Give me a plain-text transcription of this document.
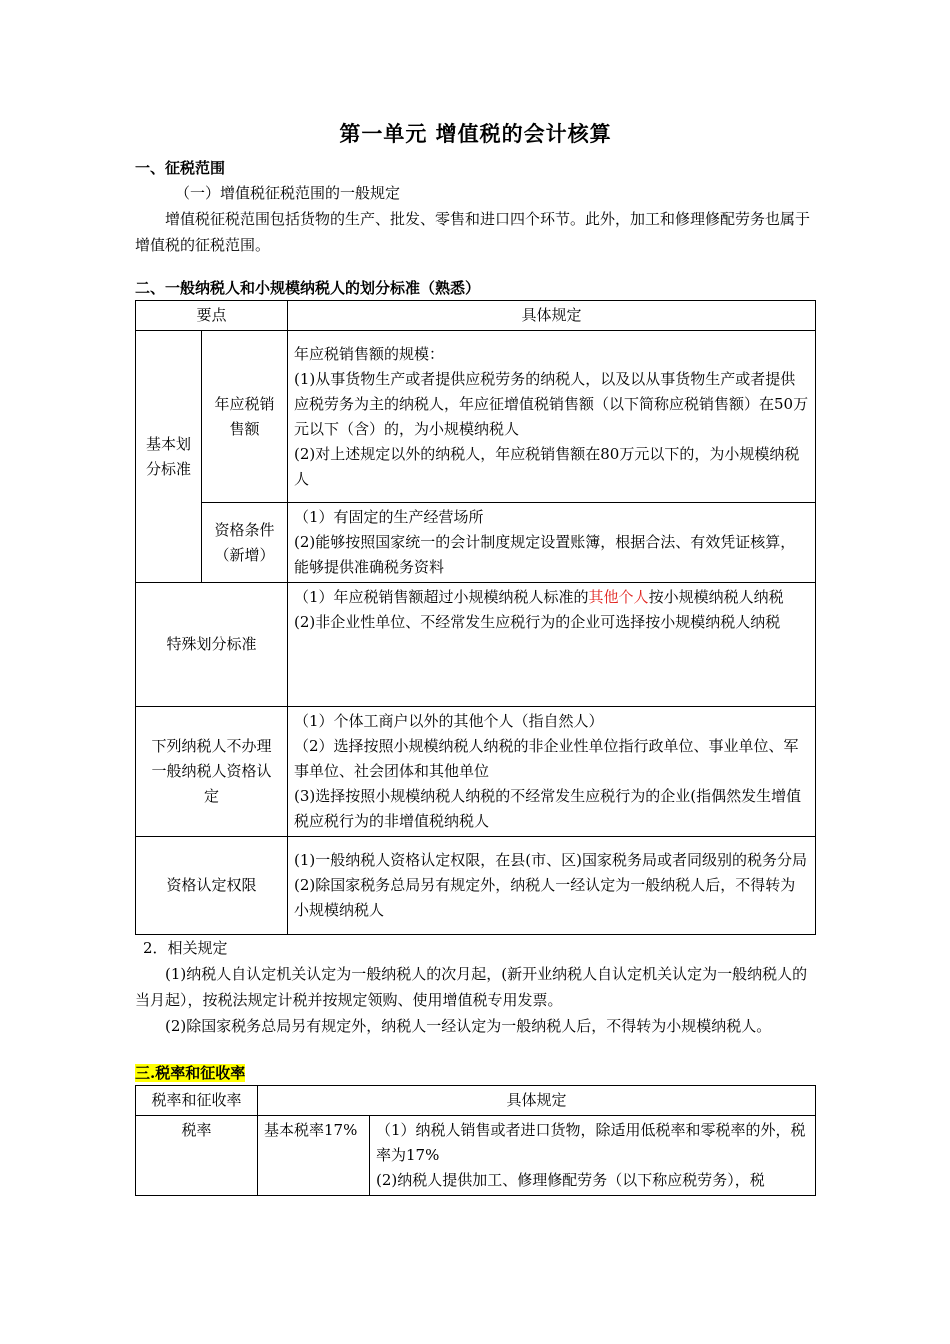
第一单元 增值税的会计核算
一、征税范围
（一）增值税征税范围的一般规定
增值税征税范围包括货物的生产、批发、零售和进口四个环节。此外，加工和修理修配劳务也属于增值税的征税范围。
二、一般纳税人和小规模纳税人的划分标准（熟悉）
要点		具体规定
基本划分标准	年应税销售额	年应税销售额的规模：
(1)从事货物生产或者提供应税劳务的纳税人，以及以从事货物生产或者提供应税劳务为主的纳税人，年应征增值税销售额（以下简称应税销售额）在50万元以下（含）的，为小规模纳税人
(2)对上述规定以外的纳税人，年应税销售额在80万元以下的，为小规模纳税人

	资格条件（新增）	（1）有固定的生产经营场所
(2)能够按照国家统一的会计制度规定设置账簿，根据合法、有效凭证核算，能够提供准确税务资料

特殊划分标准		（1）年应税销售额超过小规模纳税人标准的其他个人按小规模纳税人纳税
(2)非企业性单位、不经常发生应税行为的企业可选择按小规模纳税人纳税

下列纳税人不办理一般纳税人资格认定		（1）个体工商户以外的其他个人（指自然人）
（2）选择按照小规模纳税人纳税的非企业性单位指行政单位、事业单位、军事单位、社会团体和其他单位
(3)选择按照小规模纳税人纳税的不经常发生应税行为的企业(指偶然发生增值税应税行为的非增值税纳税人

资格认定权限		(1)一般纳税人资格认定权限，在县(市、区)国家税务局或者同级别的税务分局
(2)除国家税务总局另有规定外，纳税人一经认定为一般纳税人后，不得转为小规模纳税人
2．相关规定
(1)纳税人自认定机关认定为一般纳税人的次月起，(新开业纳税人自认定机关认定为一般纳税人的当月起），按税法规定计税并按规定领购、使用增值税专用发票。
(2)除国家税务总局另有规定外，纳税人一经认定为一般纳税人后，不得转为小规模纳税人。
三.税率和征收率
税率和征收率	具体规定	
税率	基本税率17%	（1）纳税人销售或者进口货物，除适用低税率和零税率的外，税率为17%
(2)纳税人提供加工、修理修配劳务（以下称应税劳务），税
